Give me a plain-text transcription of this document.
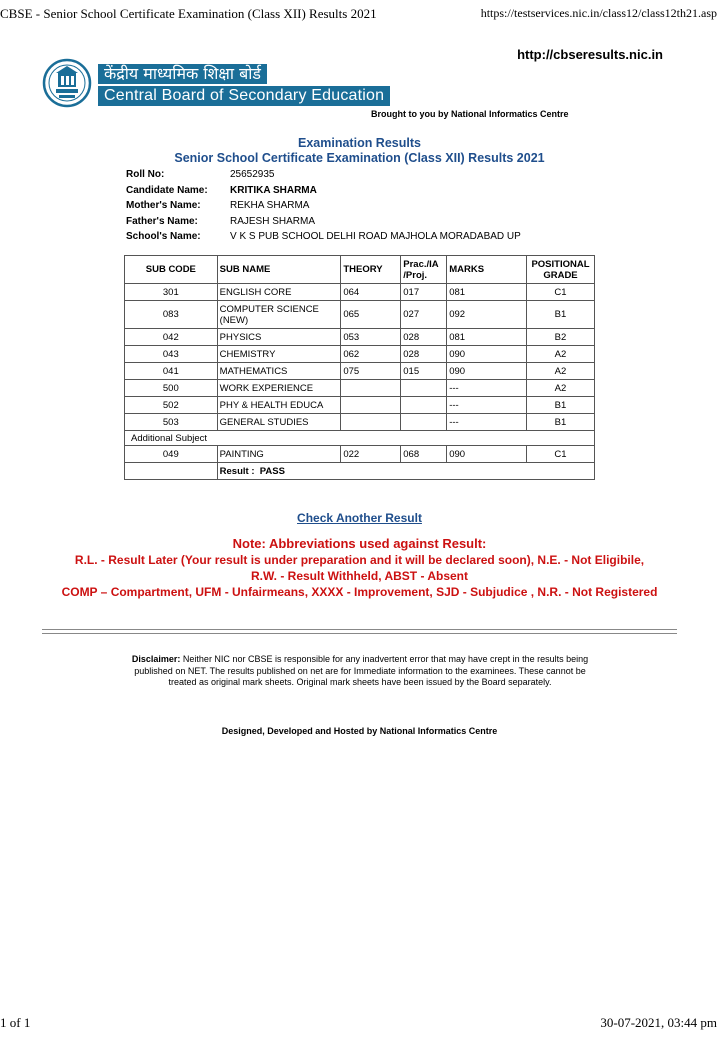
CBSE - Senior School Certificate Examination (Class XII) Results 2021	https://testservices.nic.in/class12/class12th21.asp
http://cbseresults.nic.in
केंद्रीय माध्यमिक शिक्षा बोर्ड
Central Board of Secondary Education
Brought to you by National Informatics Centre
Examination Results
Senior School Certificate Examination (Class XII) Results 2021
Roll No:	25652935
Candidate Name:	KRITIKA SHARMA
Mother's Name:	REKHA SHARMA
Father's Name:	RAJESH SHARMA
School's Name:	V K S PUB SCHOOL DELHI ROAD MAJHOLA MORADABAD UP
SUB CODE	SUB NAME	THEORY	Prac./IA /Proj.	MARKS	POSITIONAL GRADE
301	ENGLISH CORE	064	017	081	C1
083	COMPUTER SCIENCE (NEW)	065	027	092	B1
042	PHYSICS	053	028	081	B2
043	CHEMISTRY	062	028	090	A2
041	MATHEMATICS	075	015	090	A2
500	WORK EXPERIENCE			---	A2
502	PHY & HEALTH EDUCA			---	B1
503	GENERAL STUDIES			---	B1
Additional Subject					
049	PAINTING	022	068	090	C1
	Result : PASS				
Check Another Result
Note: Abbreviations used against Result:
R.L. - Result Later (Your result is under preparation and it will be declared soon), N.E. - Not Eligibile,
R.W. - Result Withheld, ABST - Absent
COMP – Compartment, UFM - Unfairmeans, XXXX - Improvement, SJD - Subjudice , N.R. - Not Registered
Disclaimer: Neither NIC nor CBSE is responsible for any inadvertent error that may have crept in the results being published on NET. The results published on net are for Immediate information to the examinees. These cannot be treated as original mark sheets. Original mark sheets have been issued by the Board separately.
Designed, Developed and Hosted by National Informatics Centre
1 of 1	30-07-2021, 03:44 pm
